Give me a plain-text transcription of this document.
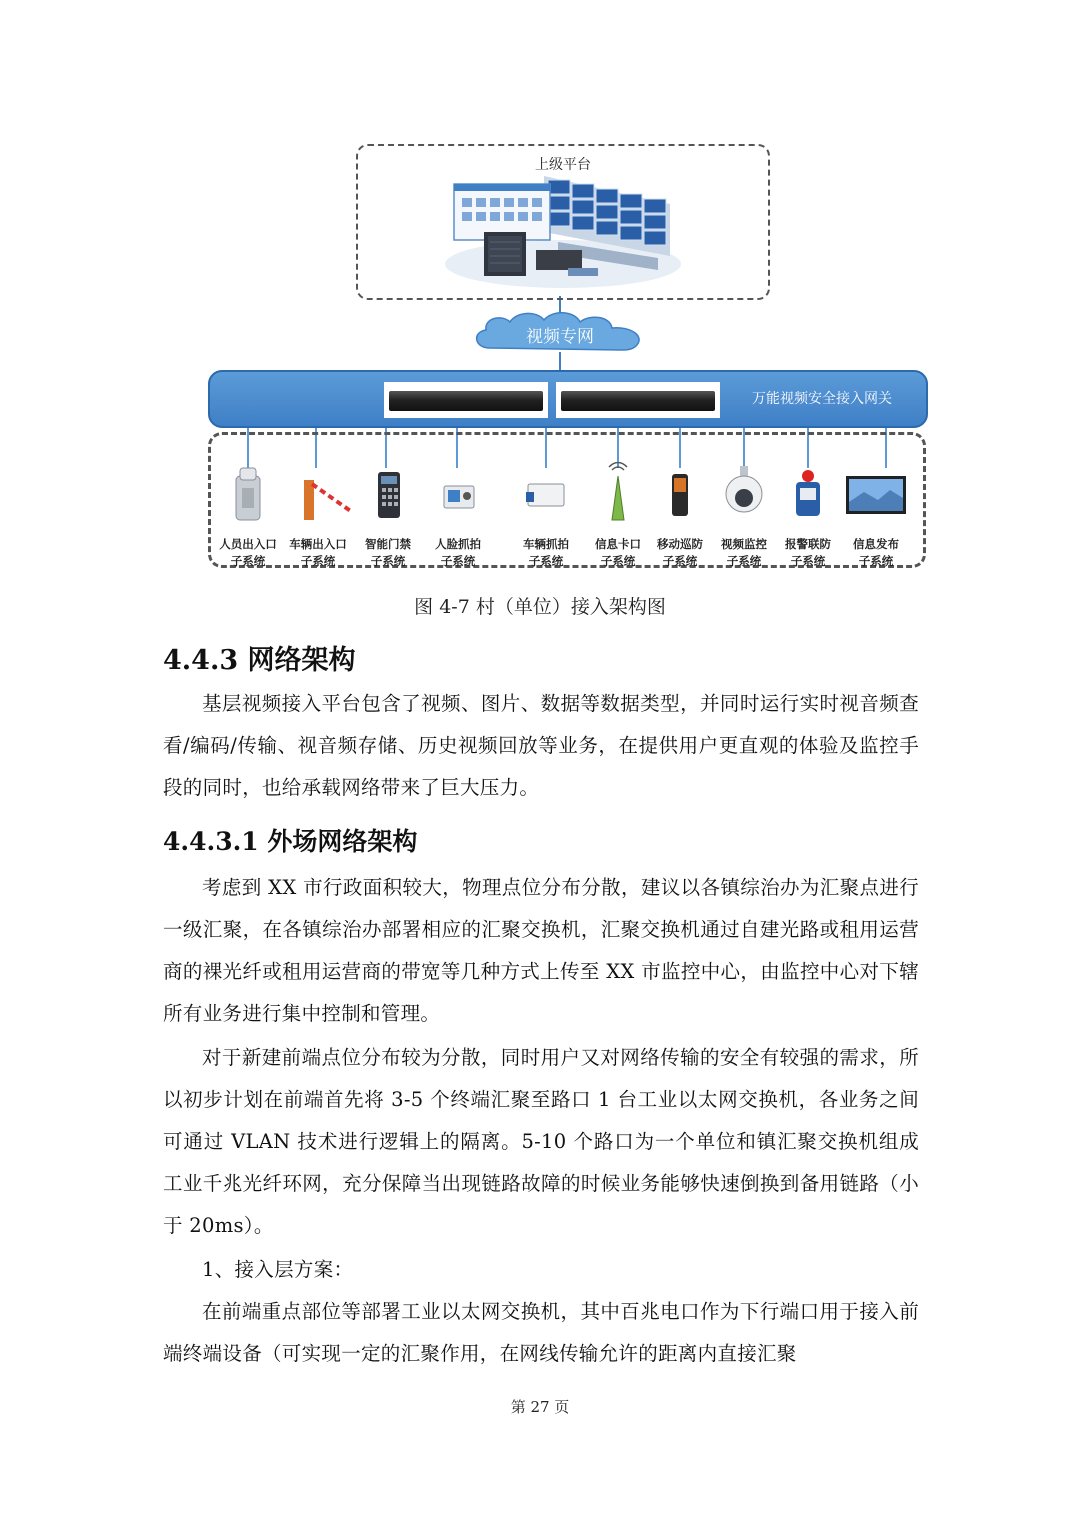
上级平台
视频专网
万能视频安全接入网关
人员出入口
子系统
车辆出入口
子系统
智能门禁
子系统
人脸抓拍
子系统
车辆抓拍
子系统
信息卡口
子系统
移动巡防
子系统
视频监控
子系统
报警联防
子系统
信息发布
子系统
图 4-7 村（单位）接入架构图
4.4.3 网络架构
基层视频接入平台包含了视频、图片、数据等数据类型，并同时运行实时视音频查看/编码/传输、视音频存储、历史视频回放等业务，在提供用户更直观的体验及监控手段的同时，也给承载网络带来了巨大压力。
4.4.3.1 外场网络架构
考虑到 XX 市行政面积较大，物理点位分布分散，建议以各镇综治办为汇聚点进行一级汇聚，在各镇综治办部署相应的汇聚交换机，汇聚交换机通过自建光路或租用运营商的裸光纤或租用运营商的带宽等几种方式上传至 XX 市监控中心，由监控中心对下辖所有业务进行集中控制和管理。
对于新建前端点位分布较为分散，同时用户又对网络传输的安全有较强的需求，所以初步计划在前端首先将 3-5 个终端汇聚至路口 1 台工业以太网交换机，各业务之间可通过 VLAN 技术进行逻辑上的隔离。5-10 个路口为一个单位和镇汇聚交换机组成工业千兆光纤环网，充分保障当出现链路故障的时候业务能够快速倒换到备用链路（小于 20ms）。
1、接入层方案：
在前端重点部位等部署工业以太网交换机，其中百兆电口作为下行端口用于接入前端终端设备（可实现一定的汇聚作用，在网线传输允许的距离内直接汇聚
第 27 页
